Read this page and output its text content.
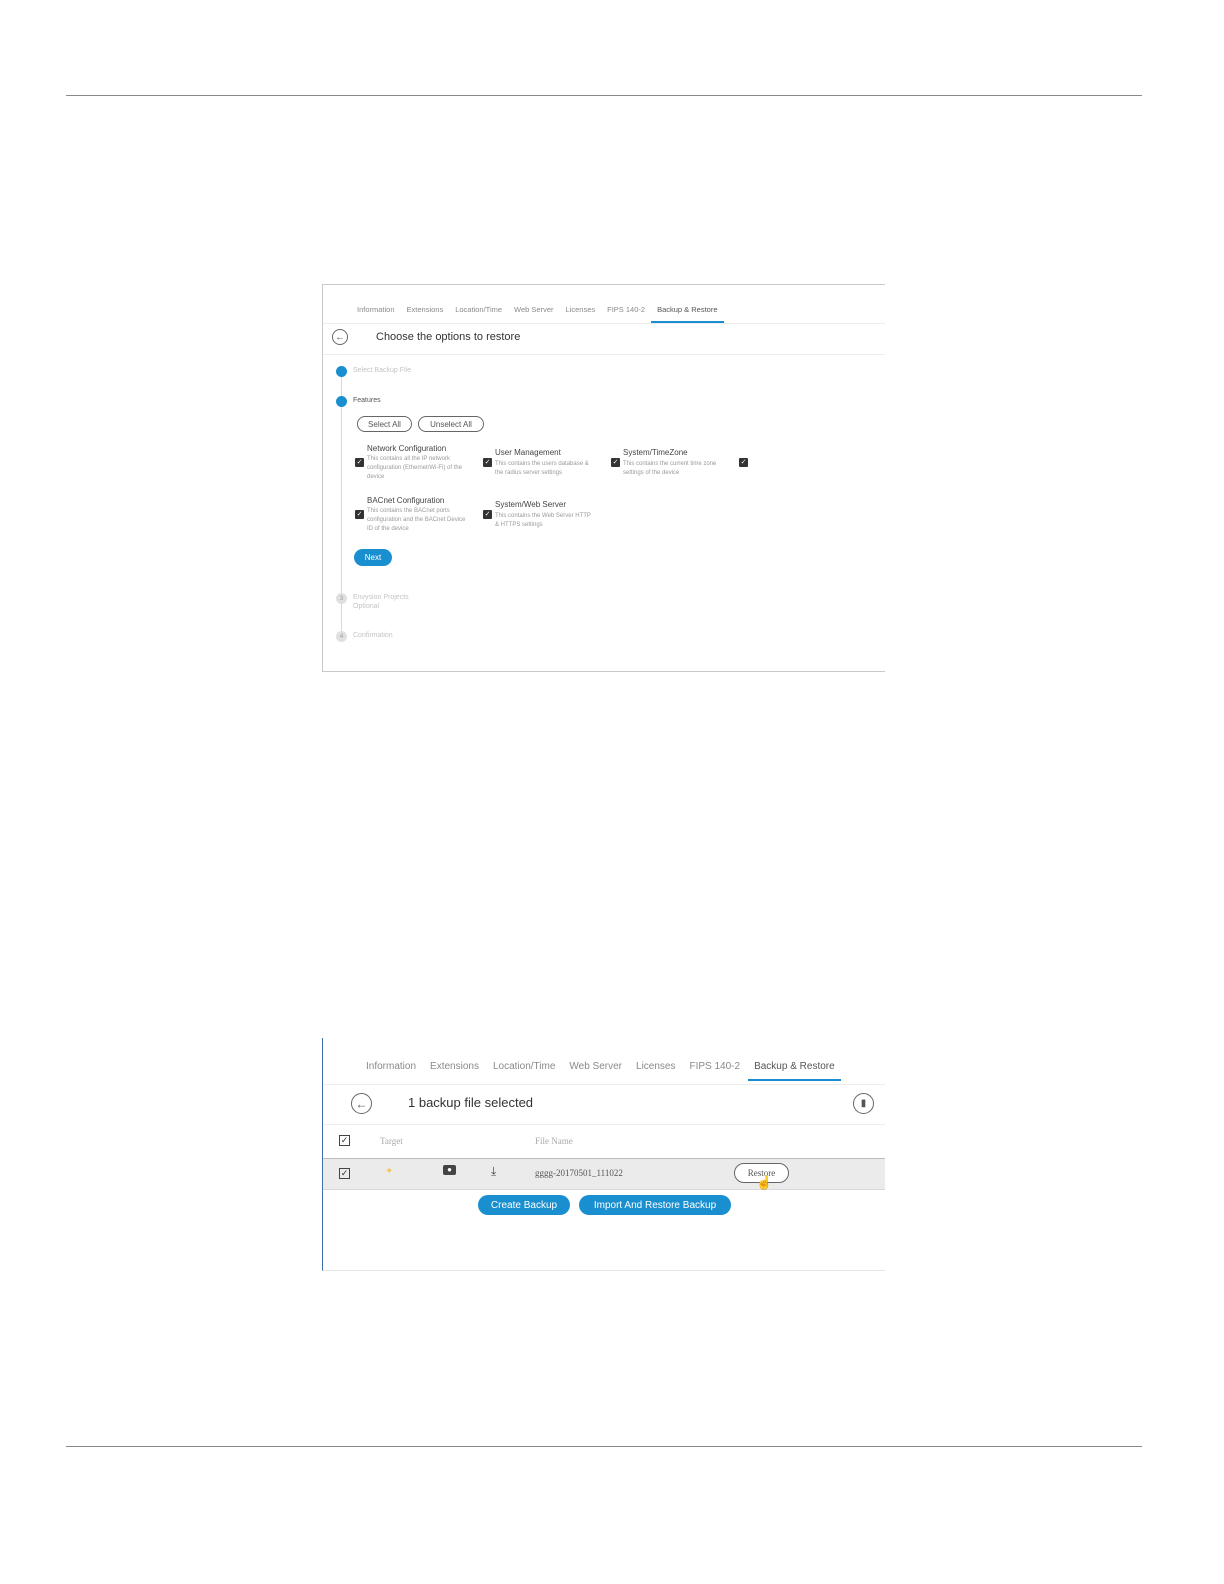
Information Extensions Location/Time Web Server Licenses FIPS 140-2 Backup & Restore
←	Choose the options to restore
Select Backup File
Features
Select All	Unselect All
✓
Network Configuration
This contains all the IP network configuration (Ethernet/Wi-Fi) of the device
✓
User Management
This contains the users database & the radius server settings
✓
System/TimeZone
This contains the current time zone settings of the device
✓
✓
BACnet Configuration
This contains the BACnet ports configuration and the BACnet Device ID of the device
✓
System/Web Server
This contains the Web Server HTTP & HTTPS settings
Next
3	Envysion Projects
Optional
4	Confirmation
Information Extensions Location/Time Web Server Licenses FIPS 140-2 Backup & Restore
←	1 backup file selected	▮
✓	Target	File Name
✓	✦	●	⤓	gggg-20170501_111022	Restore
☝
Create Backup	Import And Restore Backup
